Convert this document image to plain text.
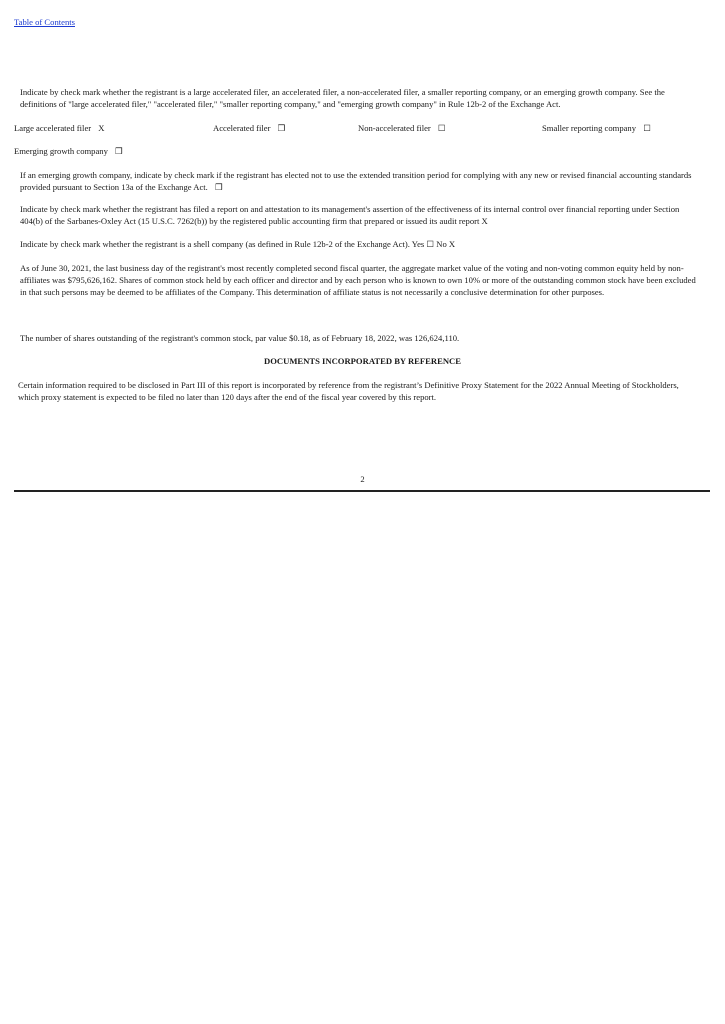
Table of Contents

Indicate by check mark whether the registrant is a large accelerated filer, an accelerated filer, a non-accelerated filer, a smaller reporting company, or an emerging growth company. See the definitions of "large accelerated filer," "accelerated filer," "smaller reporting company," and "emerging growth company" in Rule 12b-2 of the Exchange Act.

Large accelerated filer X	Accelerated filer ❒	Non-accelerated filer ☐	Smaller reporting company ☐
Emerging growth company ❒

If an emerging growth company, indicate by check mark if the registrant has elected not to use the extended transition period for complying with any new or revised financial accounting standards provided pursuant to Section 13a of the Exchange Act. ❒

Indicate by check mark whether the registrant has filed a report on and attestation to its management's assertion of the effectiveness of its internal control over financial reporting under Section 404(b) of the Sarbanes-Oxley Act (15 U.S.C. 7262(b)) by the registered public accounting firm that prepared or issued its audit report X

Indicate by check mark whether the registrant is a shell company (as defined in Rule 12b-2 of the Exchange Act). Yes ☐ No X

As of June 30, 2021, the last business day of the registrant's most recently completed second fiscal quarter, the aggregate market value of the voting and non-voting common equity held by non-affiliates was $795,626,162. Shares of common stock held by each officer and director and by each person who is known to own 10% or more of the outstanding common stock have been excluded in that such persons may be deemed to be affiliates of the Company. This determination of affiliate status is not necessarily a conclusive determination for other purposes.

The number of shares outstanding of the registrant's common stock, par value $0.18, as of February 18, 2022, was 126,624,110.

DOCUMENTS INCORPORATED BY REFERENCE

Certain information required to be disclosed in Part III of this report is incorporated by reference from the registrant’s Definitive Proxy Statement for the 2022 Annual Meeting of Stockholders, which proxy statement is expected to be filed no later than 120 days after the end of the fiscal year covered by this report.

2
